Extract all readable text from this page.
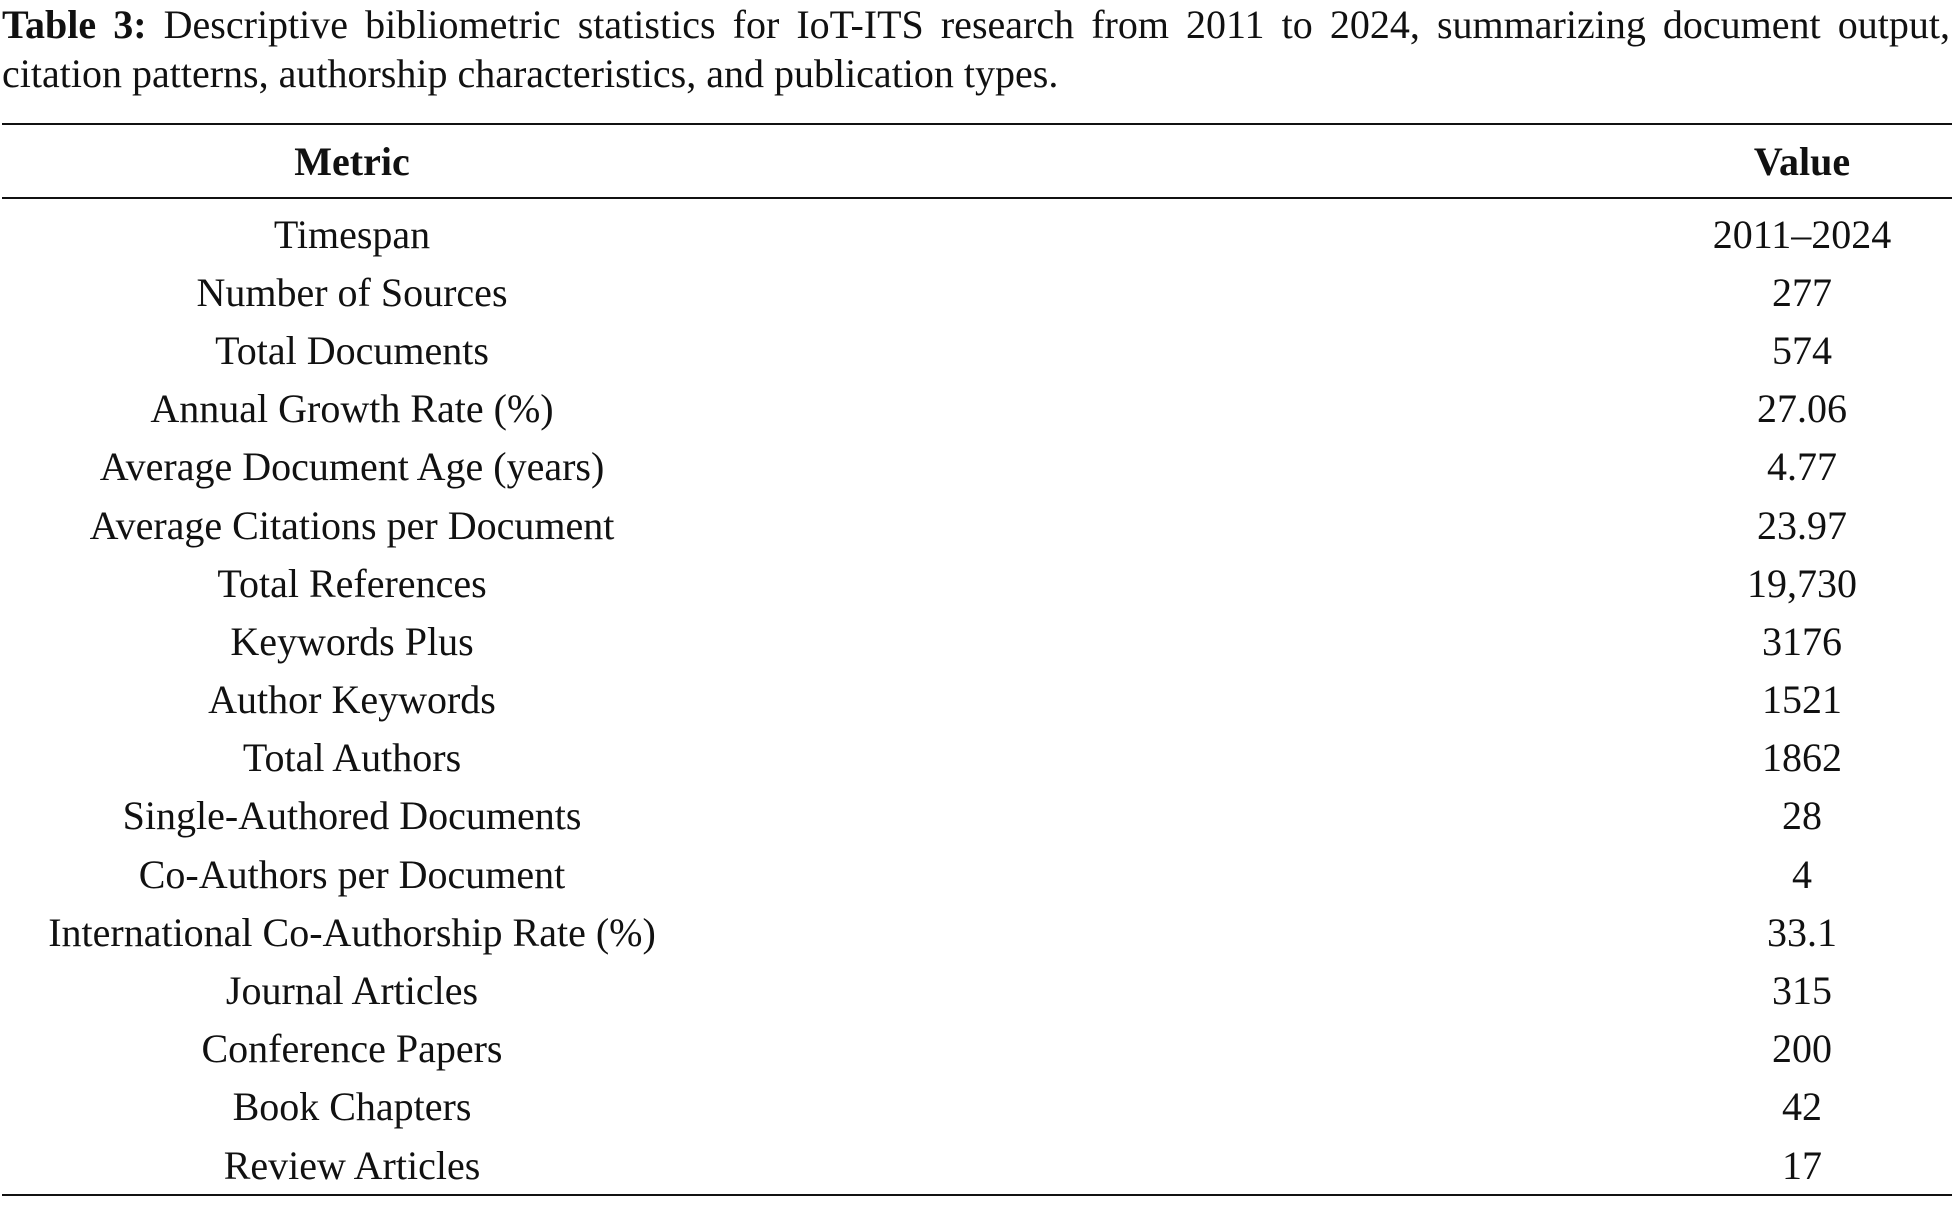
Table 3: Descriptive bibliometric statistics for IoT-ITS research from 2011 to 2024, summarizing document output, citation patterns, authorship characteristics, and publication types.
Metric		Value
Timespan		2011–2024
Number of Sources		277
Total Documents		574
Annual Growth Rate (%)		27.06
Average Document Age (years)		4.77
Average Citations per Document		23.97
Total References		19,730
Keywords Plus		3176
Author Keywords		1521
Total Authors		1862
Single-Authored Documents		28
Co-Authors per Document		4
International Co-Authorship Rate (%)		33.1
Journal Articles		315
Conference Papers		200
Book Chapters		42
Review Articles		17
